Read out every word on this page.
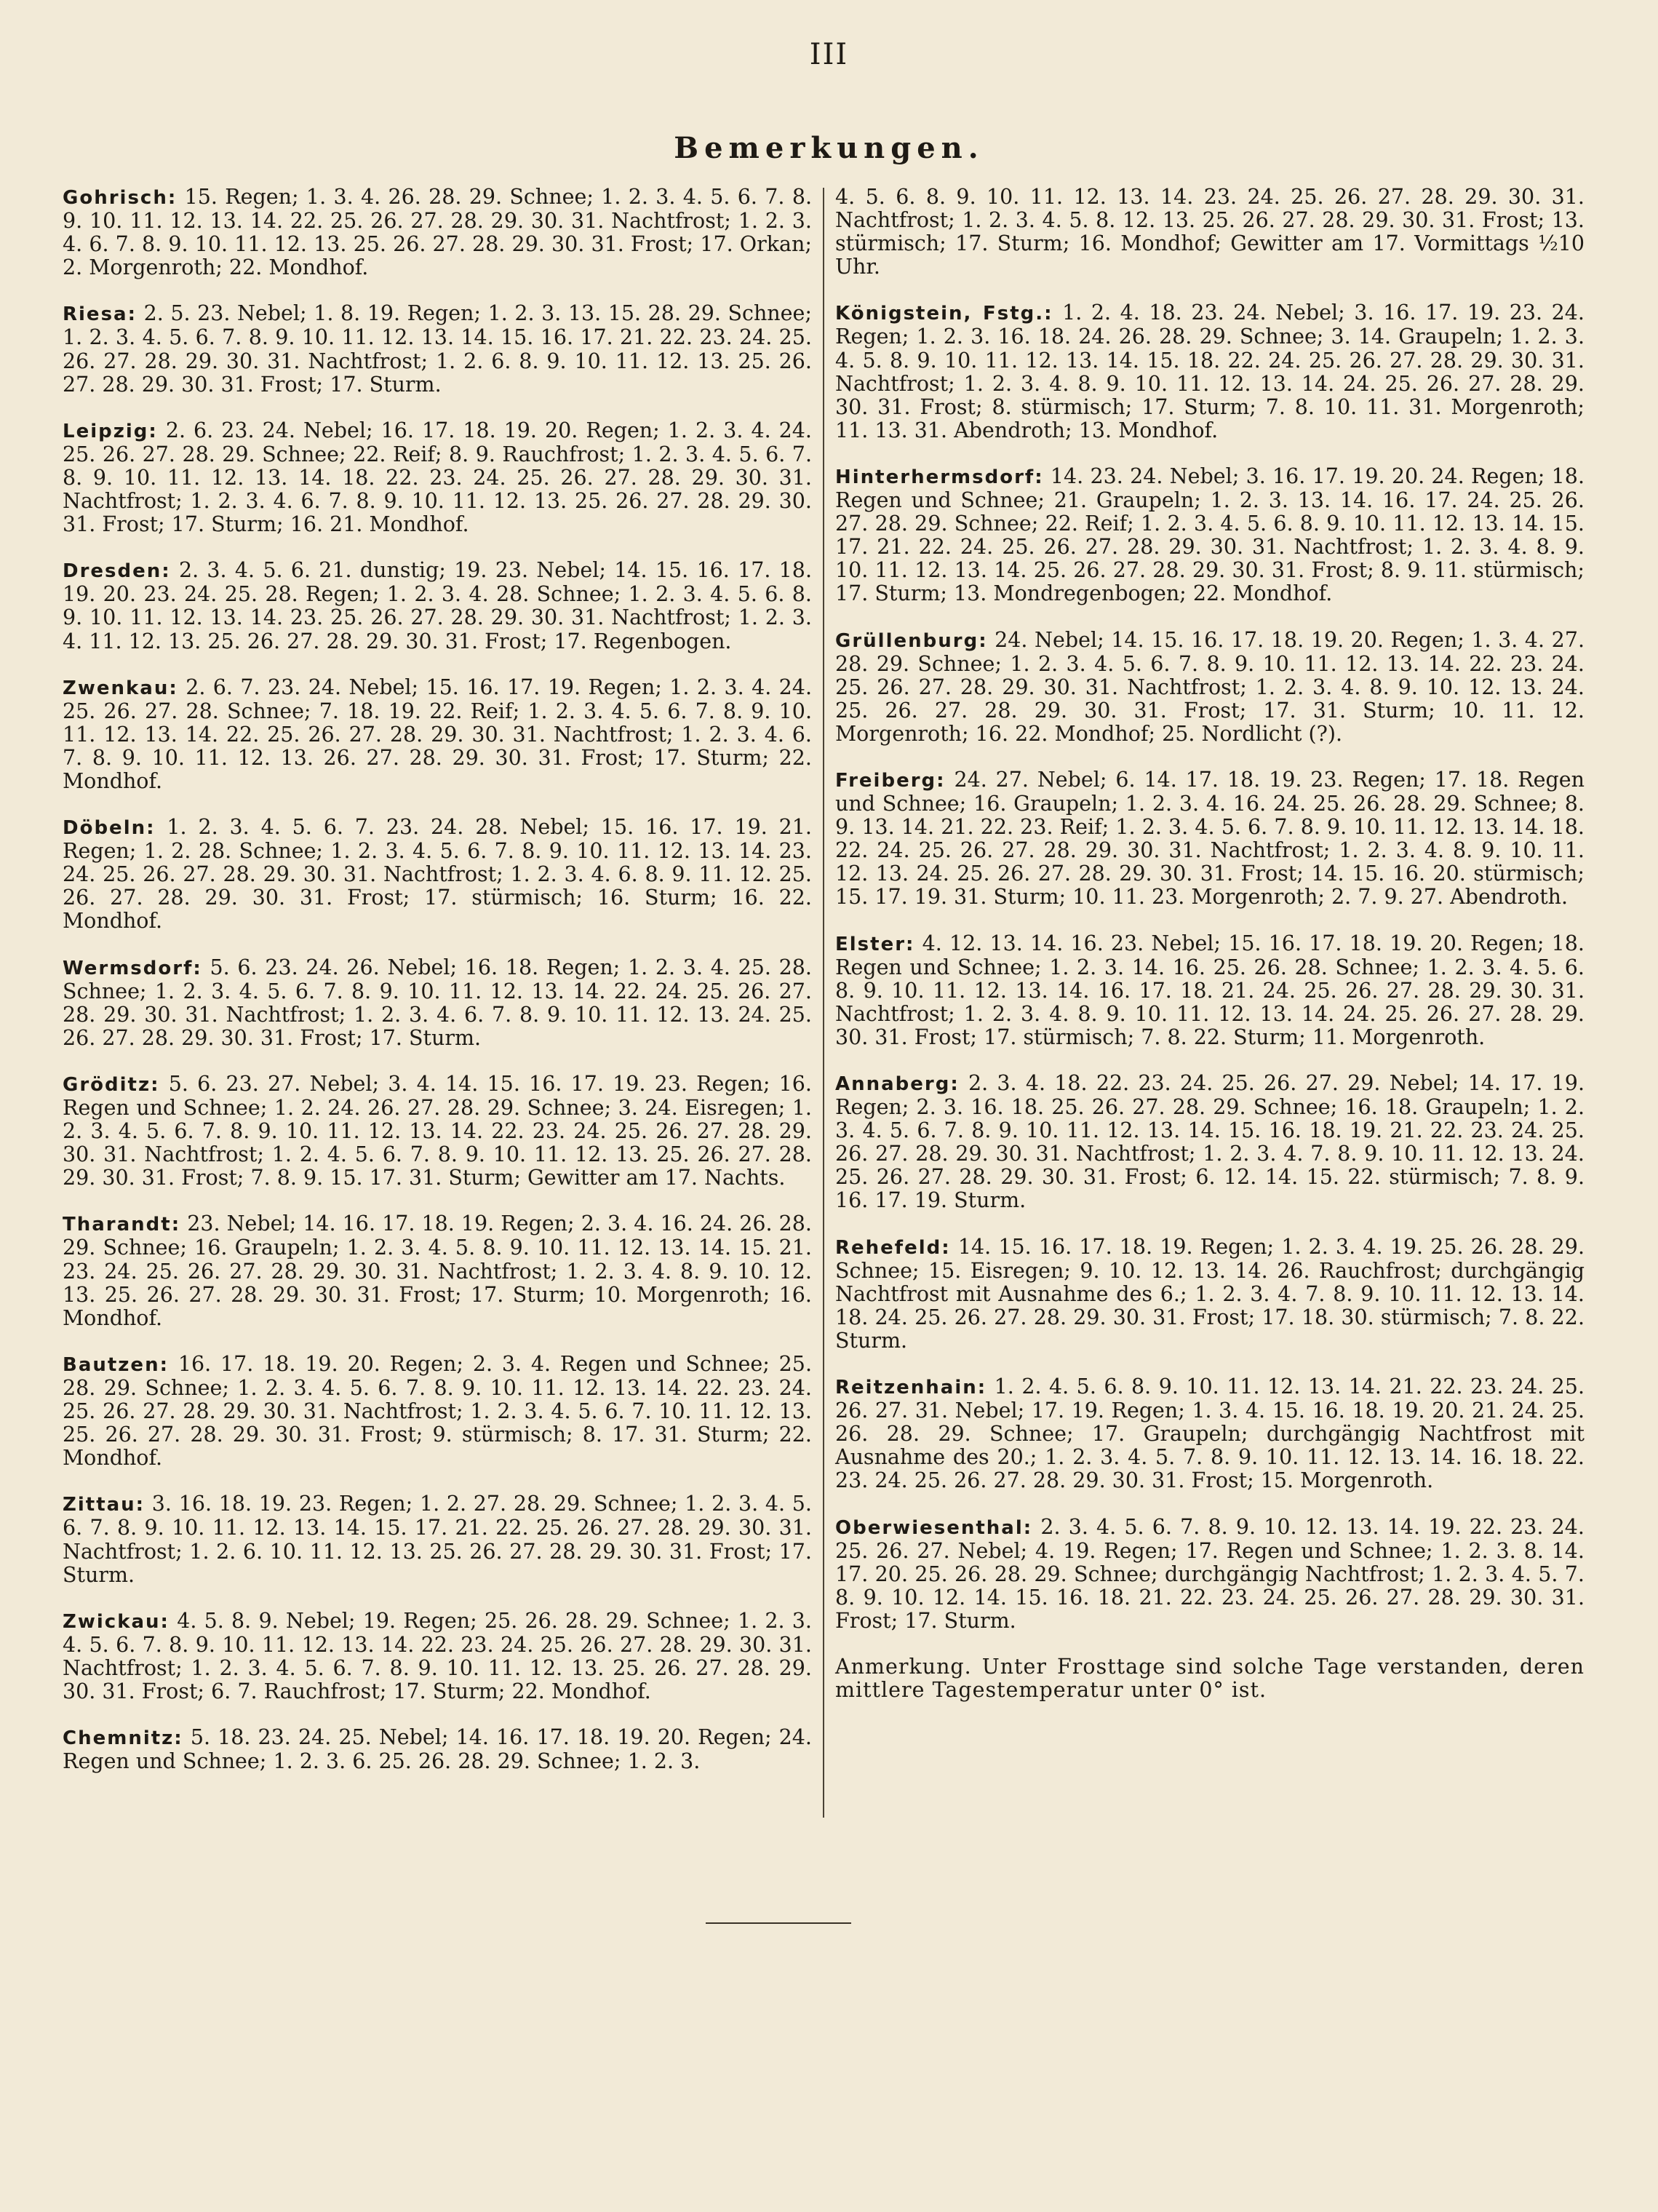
III
Bemerkungen.

Gohrisch: 15. Regen; 1. 3. 4. 26. 28. 29. Schnee; 1. 2. 3. 4. 5. 6. 7. 8. 9. 10. 11. 12. 13. 14. 22. 25. 26. 27. 28. 29. 30. 31. Nachtfrost; 1. 2. 3. 4. 6. 7. 8. 9. 10. 11. 12. 13. 25. 26. 27. 28. 29. 30. 31. Frost; 17. Orkan; 2. Morgenroth; 22. Mondhof.

Riesa: 2. 5. 23. Nebel; 1. 8. 19. Regen; 1. 2. 3. 13. 15. 28. 29. Schnee; 1. 2. 3. 4. 5. 6. 7. 8. 9. 10. 11. 12. 13. 14. 15. 16. 17. 21. 22. 23. 24. 25. 26. 27. 28. 29. 30. 31. Nachtfrost; 1. 2. 6. 8. 9. 10. 11. 12. 13. 25. 26. 27. 28. 29. 30. 31. Frost; 17. Sturm.

Leipzig: 2. 6. 23. 24. Nebel; 16. 17. 18. 19. 20. Regen; 1. 2. 3. 4. 24. 25. 26. 27. 28. 29. Schnee; 22. Reif; 8. 9. Rauchfrost; 1. 2. 3. 4. 5. 6. 7. 8. 9. 10. 11. 12. 13. 14. 18. 22. 23. 24. 25. 26. 27. 28. 29. 30. 31. Nachtfrost; 1. 2. 3. 4. 6. 7. 8. 9. 10. 11. 12. 13. 25. 26. 27. 28. 29. 30. 31. Frost; 17. Sturm; 16. 21. Mondhof.

Dresden: 2. 3. 4. 5. 6. 21. dunstig; 19. 23. Nebel; 14. 15. 16. 17. 18. 19. 20. 23. 24. 25. 28. Regen; 1. 2. 3. 4. 28. Schnee; 1. 2. 3. 4. 5. 6. 8. 9. 10. 11. 12. 13. 14. 23. 25. 26. 27. 28. 29. 30. 31. Nachtfrost; 1. 2. 3. 4. 11. 12. 13. 25. 26. 27. 28. 29. 30. 31. Frost; 17. Regenbogen.

Zwenkau: 2. 6. 7. 23. 24. Nebel; 15. 16. 17. 19. Regen; 1. 2. 3. 4. 24. 25. 26. 27. 28. Schnee; 7. 18. 19. 22. Reif; 1. 2. 3. 4. 5. 6. 7. 8. 9. 10. 11. 12. 13. 14. 22. 25. 26. 27. 28. 29. 30. 31. Nachtfrost; 1. 2. 3. 4. 6. 7. 8. 9. 10. 11. 12. 13. 26. 27. 28. 29. 30. 31. Frost; 17. Sturm; 22. Mondhof.

Döbeln: 1. 2. 3. 4. 5. 6. 7. 23. 24. 28. Nebel; 15. 16. 17. 19. 21. Regen; 1. 2. 28. Schnee; 1. 2. 3. 4. 5. 6. 7. 8. 9. 10. 11. 12. 13. 14. 23. 24. 25. 26. 27. 28. 29. 30. 31. Nachtfrost; 1. 2. 3. 4. 6. 8. 9. 11. 12. 25. 26. 27. 28. 29. 30. 31. Frost; 17. stürmisch; 16. Sturm; 16. 22. Mondhof.

Wermsdorf: 5. 6. 23. 24. 26. Nebel; 16. 18. Regen; 1. 2. 3. 4. 25. 28. Schnee; 1. 2. 3. 4. 5. 6. 7. 8. 9. 10. 11. 12. 13. 14. 22. 24. 25. 26. 27. 28. 29. 30. 31. Nachtfrost; 1. 2. 3. 4. 6. 7. 8. 9. 10. 11. 12. 13. 24. 25. 26. 27. 28. 29. 30. 31. Frost; 17. Sturm.

Gröditz: 5. 6. 23. 27. Nebel; 3. 4. 14. 15. 16. 17. 19. 23. Regen; 16. Regen und Schnee; 1. 2. 24. 26. 27. 28. 29. Schnee; 3. 24. Eisregen; 1. 2. 3. 4. 5. 6. 7. 8. 9. 10. 11. 12. 13. 14. 22. 23. 24. 25. 26. 27. 28. 29. 30. 31. Nachtfrost; 1. 2. 4. 5. 6. 7. 8. 9. 10. 11. 12. 13. 25. 26. 27. 28. 29. 30. 31. Frost; 7. 8. 9. 15. 17. 31. Sturm; Gewitter am 17. Nachts.

Tharandt: 23. Nebel; 14. 16. 17. 18. 19. Regen; 2. 3. 4. 16. 24. 26. 28. 29. Schnee; 16. Graupeln; 1. 2. 3. 4. 5. 8. 9. 10. 11. 12. 13. 14. 15. 21. 23. 24. 25. 26. 27. 28. 29. 30. 31. Nachtfrost; 1. 2. 3. 4. 8. 9. 10. 12. 13. 25. 26. 27. 28. 29. 30. 31. Frost; 17. Sturm; 10. Morgenroth; 16. Mondhof.

Bautzen: 16. 17. 18. 19. 20. Regen; 2. 3. 4. Regen und Schnee; 25. 28. 29. Schnee; 1. 2. 3. 4. 5. 6. 7. 8. 9. 10. 11. 12. 13. 14. 22. 23. 24. 25. 26. 27. 28. 29. 30. 31. Nachtfrost; 1. 2. 3. 4. 5. 6. 7. 10. 11. 12. 13. 25. 26. 27. 28. 29. 30. 31. Frost; 9. stürmisch; 8. 17. 31. Sturm; 22. Mondhof.

Zittau: 3. 16. 18. 19. 23. Regen; 1. 2. 27. 28. 29. Schnee; 1. 2. 3. 4. 5. 6. 7. 8. 9. 10. 11. 12. 13. 14. 15. 17. 21. 22. 25. 26. 27. 28. 29. 30. 31. Nachtfrost; 1. 2. 6. 10. 11. 12. 13. 25. 26. 27. 28. 29. 30. 31. Frost; 17. Sturm.

Zwickau: 4. 5. 8. 9. Nebel; 19. Regen; 25. 26. 28. 29. Schnee; 1. 2. 3. 4. 5. 6. 7. 8. 9. 10. 11. 12. 13. 14. 22. 23. 24. 25. 26. 27. 28. 29. 30. 31. Nachtfrost; 1. 2. 3. 4. 5. 6. 7. 8. 9. 10. 11. 12. 13. 25. 26. 27. 28. 29. 30. 31. Frost; 6. 7. Rauchfrost; 17. Sturm; 22. Mondhof.

Chemnitz: 5. 18. 23. 24. 25. Nebel; 14. 16. 17. 18. 19. 20. Regen; 24. Regen und Schnee; 1. 2. 3. 6. 25. 26. 28. 29. Schnee; 1. 2. 3.

4. 5. 6. 8. 9. 10. 11. 12. 13. 14. 23. 24. 25. 26. 27. 28. 29. 30. 31. Nachtfrost; 1. 2. 3. 4. 5. 8. 12. 13. 25. 26. 27. 28. 29. 30. 31. Frost; 13. stürmisch; 17. Sturm; 16. Mondhof; Gewitter am 17. Vormittags ½10 Uhr.

Königstein, Fstg.: 1. 2. 4. 18. 23. 24. Nebel; 3. 16. 17. 19. 23. 24. Regen; 1. 2. 3. 16. 18. 24. 26. 28. 29. Schnee; 3. 14. Graupeln; 1. 2. 3. 4. 5. 8. 9. 10. 11. 12. 13. 14. 15. 18. 22. 24. 25. 26. 27. 28. 29. 30. 31. Nachtfrost; 1. 2. 3. 4. 8. 9. 10. 11. 12. 13. 14. 24. 25. 26. 27. 28. 29. 30. 31. Frost; 8. stürmisch; 17. Sturm; 7. 8. 10. 11. 31. Morgenroth; 11. 13. 31. Abendroth; 13. Mondhof.

Hinterhermsdorf: 14. 23. 24. Nebel; 3. 16. 17. 19. 20. 24. Regen; 18. Regen und Schnee; 21. Graupeln; 1. 2. 3. 13. 14. 16. 17. 24. 25. 26. 27. 28. 29. Schnee; 22. Reif; 1. 2. 3. 4. 5. 6. 8. 9. 10. 11. 12. 13. 14. 15. 17. 21. 22. 24. 25. 26. 27. 28. 29. 30. 31. Nachtfrost; 1. 2. 3. 4. 8. 9. 10. 11. 12. 13. 14. 25. 26. 27. 28. 29. 30. 31. Frost; 8. 9. 11. stürmisch; 17. Sturm; 13. Mondregenbogen; 22. Mondhof.

Grüllenburg: 24. Nebel; 14. 15. 16. 17. 18. 19. 20. Regen; 1. 3. 4. 27. 28. 29. Schnee; 1. 2. 3. 4. 5. 6. 7. 8. 9. 10. 11. 12. 13. 14. 22. 23. 24. 25. 26. 27. 28. 29. 30. 31. Nachtfrost; 1. 2. 3. 4. 8. 9. 10. 12. 13. 24. 25. 26. 27. 28. 29. 30. 31. Frost; 17. 31. Sturm; 10. 11. 12. Morgenroth; 16. 22. Mondhof; 25. Nordlicht (?).

Freiberg: 24. 27. Nebel; 6. 14. 17. 18. 19. 23. Regen; 17. 18. Regen und Schnee; 16. Graupeln; 1. 2. 3. 4. 16. 24. 25. 26. 28. 29. Schnee; 8. 9. 13. 14. 21. 22. 23. Reif; 1. 2. 3. 4. 5. 6. 7. 8. 9. 10. 11. 12. 13. 14. 18. 22. 24. 25. 26. 27. 28. 29. 30. 31. Nachtfrost; 1. 2. 3. 4. 8. 9. 10. 11. 12. 13. 24. 25. 26. 27. 28. 29. 30. 31. Frost; 14. 15. 16. 20. stürmisch; 15. 17. 19. 31. Sturm; 10. 11. 23. Morgenroth; 2. 7. 9. 27. Abendroth.

Elster: 4. 12. 13. 14. 16. 23. Nebel; 15. 16. 17. 18. 19. 20. Regen; 18. Regen und Schnee; 1. 2. 3. 14. 16. 25. 26. 28. Schnee; 1. 2. 3. 4. 5. 6. 8. 9. 10. 11. 12. 13. 14. 16. 17. 18. 21. 24. 25. 26. 27. 28. 29. 30. 31. Nachtfrost; 1. 2. 3. 4. 8. 9. 10. 11. 12. 13. 14. 24. 25. 26. 27. 28. 29. 30. 31. Frost; 17. stürmisch; 7. 8. 22. Sturm; 11. Morgenroth.

Annaberg: 2. 3. 4. 18. 22. 23. 24. 25. 26. 27. 29. Nebel; 14. 17. 19. Regen; 2. 3. 16. 18. 25. 26. 27. 28. 29. Schnee; 16. 18. Graupeln; 1. 2. 3. 4. 5. 6. 7. 8. 9. 10. 11. 12. 13. 14. 15. 16. 18. 19. 21. 22. 23. 24. 25. 26. 27. 28. 29. 30. 31. Nachtfrost; 1. 2. 3. 4. 7. 8. 9. 10. 11. 12. 13. 24. 25. 26. 27. 28. 29. 30. 31. Frost; 6. 12. 14. 15. 22. stürmisch; 7. 8. 9. 16. 17. 19. Sturm.

Rehefeld: 14. 15. 16. 17. 18. 19. Regen; 1. 2. 3. 4. 19. 25. 26. 28. 29. Schnee; 15. Eisregen; 9. 10. 12. 13. 14. 26. Rauchfrost; durchgängig Nachtfrost mit Ausnahme des 6.; 1. 2. 3. 4. 7. 8. 9. 10. 11. 12. 13. 14. 18. 24. 25. 26. 27. 28. 29. 30. 31. Frost; 17. 18. 30. stürmisch; 7. 8. 22. Sturm.

Reitzenhain: 1. 2. 4. 5. 6. 8. 9. 10. 11. 12. 13. 14. 21. 22. 23. 24. 25. 26. 27. 31. Nebel; 17. 19. Regen; 1. 3. 4. 15. 16. 18. 19. 20. 21. 24. 25. 26. 28. 29. Schnee; 17. Graupeln; durchgängig Nachtfrost mit Ausnahme des 20.; 1. 2. 3. 4. 5. 7. 8. 9. 10. 11. 12. 13. 14. 16. 18. 22. 23. 24. 25. 26. 27. 28. 29. 30. 31. Frost; 15. Morgenroth.

Oberwiesenthal: 2. 3. 4. 5. 6. 7. 8. 9. 10. 12. 13. 14. 19. 22. 23. 24. 25. 26. 27. Nebel; 4. 19. Regen; 17. Regen und Schnee; 1. 2. 3. 8. 14. 17. 20. 25. 26. 28. 29. Schnee; durchgängig Nachtfrost; 1. 2. 3. 4. 5. 7. 8. 9. 10. 12. 14. 15. 16. 18. 21. 22. 23. 24. 25. 26. 27. 28. 29. 30. 31. Frost; 17. Sturm.

Anmerkung. Unter Frosttage sind solche Tage verstanden, deren mittlere Tagestemperatur unter 0° ist.
